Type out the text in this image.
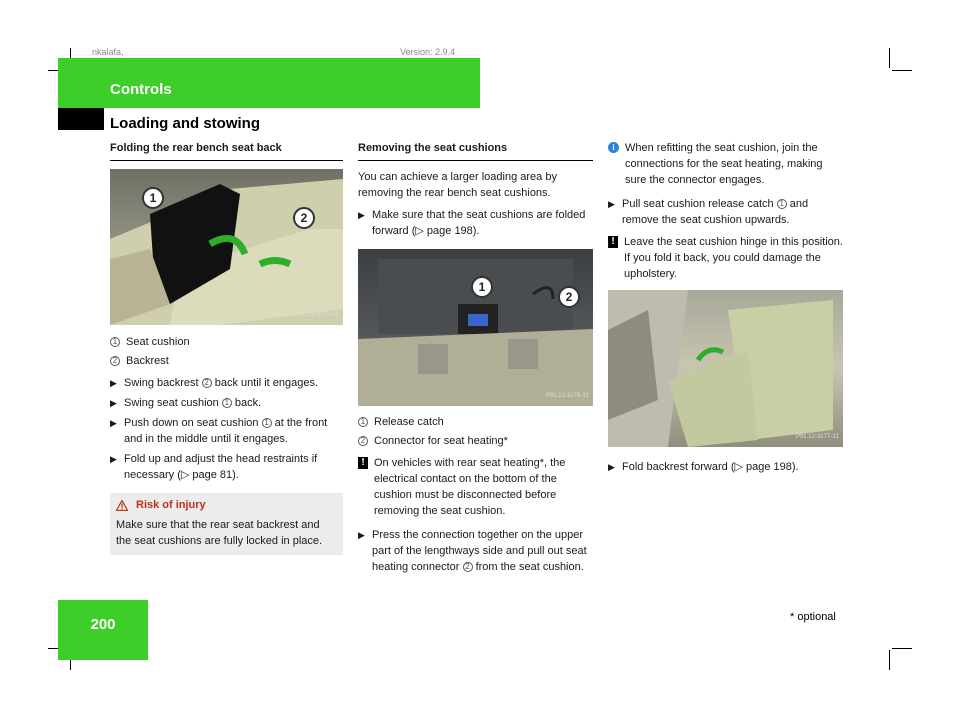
nkalafa,	Version: 2.9.4
Controls
Loading and stowing
Folding the rear bench seat back
1
2
P91.12-3175-31
1 Seat cushion
2 Backrest
▶ Swing backrest 2 back until it engages.
▶ Swing seat cushion 1 back.
▶ Push down on seat cushion 1 at the front and in the middle until it engages.
▶ Fold up and adjust the head restraints if necessary (▷ page 81).
Risk of injury
Make sure that the rear seat backrest and the seat cushions are fully locked in place.
Removing the seat cushions
You can achieve a larger loading area by removing the rear bench seat cushions.
▶ Make sure that the seat cushions are folded forward (▷ page 198).
1
2
P91.12-3176-31
1 Release catch
2 Connector for seat heating*
! On vehicles with rear seat heating*, the electrical contact on the bottom of the cushion must be disconnected before removing the seat cushion.
▶ Press the connection together on the upper part of the lengthways side and pull out seat heating connector 2 from the seat cushion.
i When refitting the seat cushion, join the connections for the seat heating, making sure the connector engages.
▶ Pull seat cushion release catch 1 and remove the seat cushion upwards.
! Leave the seat cushion hinge in this position. If you fold it back, you could damage the upholstery.
P91.12-3177-31
▶ Fold backrest forward (▷ page 198).
200	* optional
